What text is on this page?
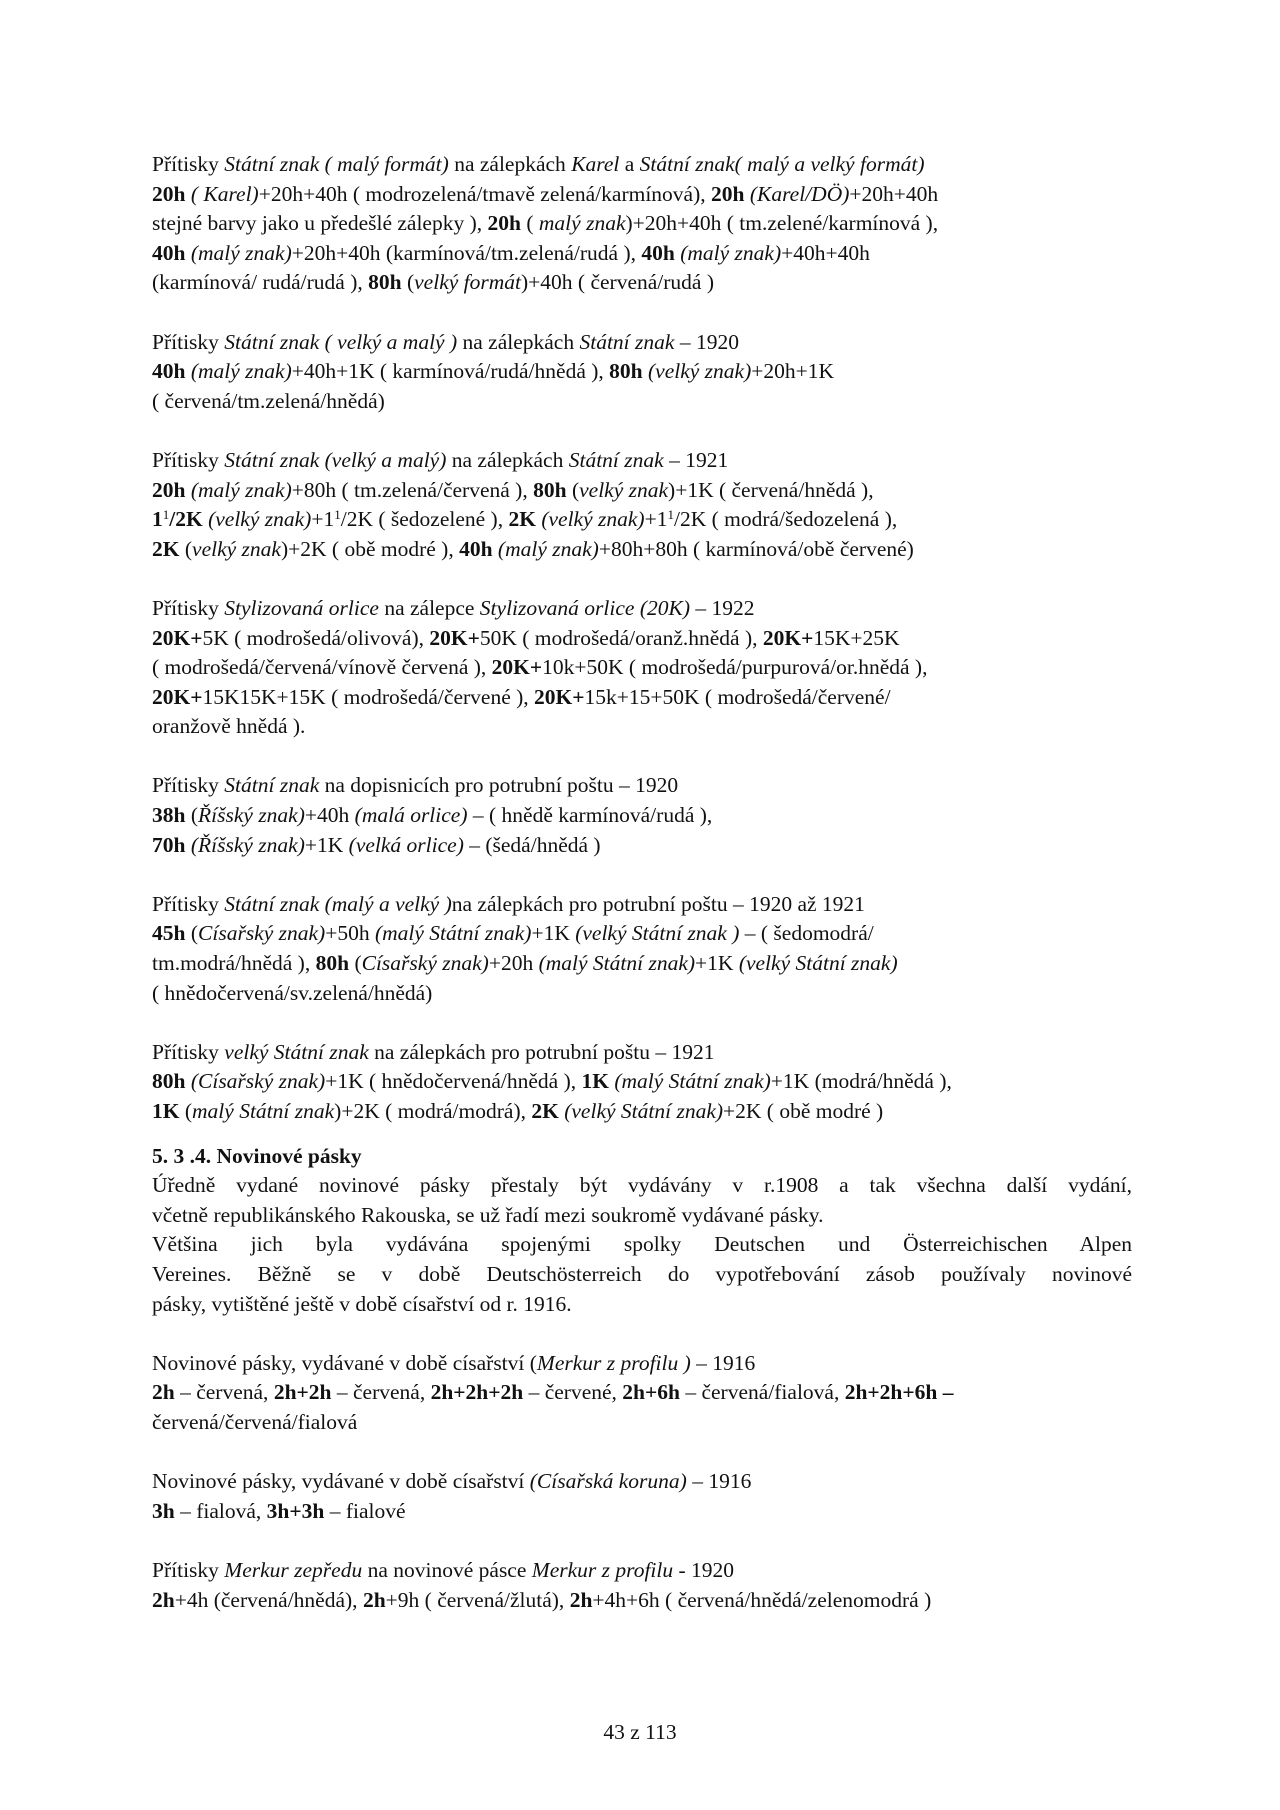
Přítisky Státní znak ( malý formát) na zálepkách Karel a Státní znak( malý a velký formát)
20h ( Karel)+20h+40h ( modrozelená/tmavě zelená/karmínová), 20h (Karel/DÖ)+20h+40h
stejné barvy jako u předešlé zálepky ), 20h ( malý znak)+20h+40h ( tm.zelené/karmínová ),
40h (malý znak)+20h+40h (karmínová/tm.zelená/rudá ), 40h (malý znak)+40h+40h
(karmínová/ rudá/rudá ), 80h (velký formát)+40h ( červená/rudá )
Přítisky Státní znak ( velký a malý ) na zálepkách Státní znak – 1920
40h (malý znak)+40h+1K ( karmínová/rudá/hnědá ), 80h (velký znak)+20h+1K
( červená/tm.zelená/hnědá)
Přítisky Státní znak (velký a malý) na zálepkách Státní znak – 1921
20h (malý znak)+80h ( tm.zelená/červená ), 80h (velký znak)+1K ( červená/hnědá ),
$1^1/2K$ (velký $znak)+1^1/2K$ ( šedozelené ), 2K (velký $znak)+1^1/2K$ ( modrá/šedozelená ),
2K (velký znak)+2K ( obě modré ), 40h (malý znak)+80h+80h ( karmínová/obě červené)
Přítisky Stylizovaná orlice na zálepce Stylizovaná orlice (20K) – 1922
20K+5K ( modrošedá/olivová), 20K+50K ( modrošedá/oranž.hnědá ), 20K+15K+25K
( modrošedá/červená/vínově červená ), 20K+10k+50K ( modrošedá/purpurová/or.hnědá ),
20K+15K15K+15K ( modrošedá/červené ), 20K+15k+15+50K ( modrošedá/červené/
oranžově hnědá ).
Přítisky Státní znak na dopisnicích pro potrubní poštu – 1920
38h (Říšský znak)+40h (malá orlice) – ( hnědě karmínová/rudá ),
70h (Říšský znak)+1K (velká orlice) – (šedá/hnědá )
Přítisky Státní znak (malý a velký )na zálepkách pro potrubní poštu – 1920 až 1921
45h (Císařský znak)+50h (malý Státní znak)+1K (velký Státní znak ) – ( šedomodrá/
tm.modrá/hnědá ), 80h (Císařský znak)+20h (malý Státní znak)+1K (velký Státní znak)
( hnědočervená/sv.zelená/hnědá)
Přítisky velký Státní znak na zálepkách pro potrubní poštu – 1921
80h (Císařský znak)+1K ( hnědočervená/hnědá ), 1K (malý Státní znak)+1K (modrá/hnědá ),
1K (malý Státní znak)+2K ( modrá/modrá), 2K (velký Státní znak)+2K ( obě modré )
5. 3 .4. Novinové pásky
Úředně vydané novinové pásky přestaly být vydávány v r.1908 a tak všechna další vydání,
včetně republikánského Rakouska, se už řadí mezi soukromě vydávané pásky.
Většina jich byla vydávána spojenými spolky Deutschen und Österreichischen Alpen
Vereines. Běžně se v době Deutschösterreich do vypotřebování zásob používaly novinové
pásky, vytištěné ještě v době císařství od r. 1916.
Novinové pásky, vydávané v době císařství (Merkur z profilu ) – 1916
2h – červená, 2h+2h – červená, 2h+2h+2h – červené, 2h+6h – červená/fialová, 2h+2h+6h –
červená/červená/fialová
Novinové pásky, vydávané v době císařství (Císařská koruna) – 1916
3h – fialová, 3h+3h – fialové
Přítisky Merkur zepředu na novinové pásce Merkur z profilu - 1920
2h+4h (červená/hnědá), 2h+9h ( červená/žlutá), 2h+4h+6h ( červená/hnědá/zelenomodrá )
43 z 113
